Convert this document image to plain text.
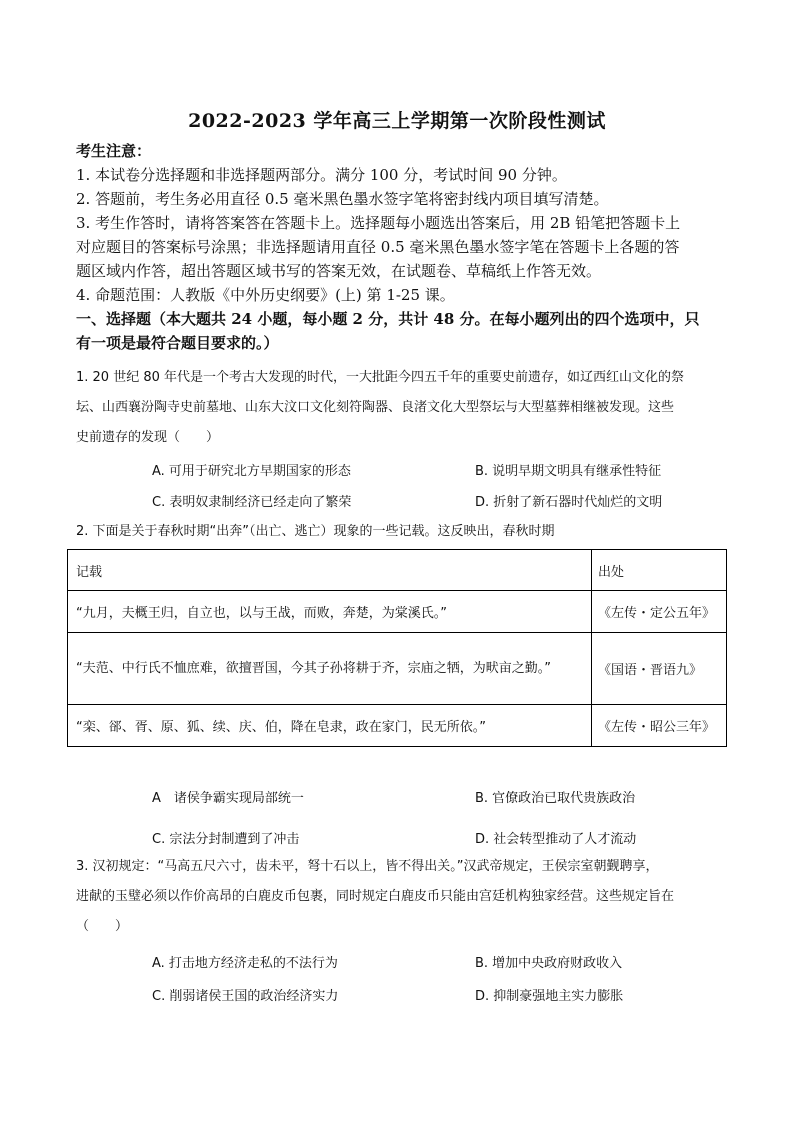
2022-2023 学年高三上学期第一次阶段性测试
考生注意：
1. 本试卷分选择题和非选择题两部分。满分 100 分，考试时间 90 分钟。
2. 答题前，考生务必用直径 0.5 毫米黑色墨水签字笔将密封线内项目填写清楚。
3. 考生作答时，请将答案答在答题卡上。选择题每小题选出答案后，用 2B 铅笔把答题卡上
对应题目的答案标号涂黑；非选择题请用直径 0.5 毫米黑色墨水签字笔在答题卡上各题的答
题区域内作答，超出答题区域书写的答案无效，在试题卷、草稿纸上作答无效。
4. 命题范围：人教版《中外历史纲要》(上) 第 1-25 课。
一、选择题（本大题共 24 小题，每小题 2 分，共计 48 分。在每小题列出的四个选项中，只
有一项是最符合题目要求的。）
1. 20 世纪 80 年代是一个考古大发现的时代，一大批距今四五千年的重要史前遗存，如辽西红山文化的祭
坛、山西襄汾陶寺史前墓地、山东大汶口文化刻符陶器、良渚文化大型祭坛与大型墓葬相继被发现。这些
史前遗存的发现（　　）
A. 可用于研究北方早期国家的形态	B. 说明早期文明具有继承性特征
C. 表明奴隶制经济已经走向了繁荣	D. 折射了新石器时代灿烂的文明
2. 下面是关于春秋时期“出奔”（出亡、逃亡）现象的一些记载。这反映出，春秋时期
记载	出处
“九月，夫概王归，自立也，以与王战，而败，奔楚，为棠溪氏。”	《左传・定公五年》
“夫范、中行氏不恤庶难，欲擅晋国，今其子孙将耕于齐，宗庙之牺，为畎亩之勤。”	《国语・晋语九》
“栾、郤、胥、原、狐、续、庆、伯，降在皂隶，政在家门，民无所依。”	《左传・昭公三年》
A　诸侯争霸实现局部统一	B. 官僚政治已取代贵族政治
C. 宗法分封制遭到了冲击	D. 社会转型推动了人才流动
3. 汉初规定：“马高五尺六寸，齿未平，弩十石以上，皆不得出关。”汉武帝规定，王侯宗室朝觐聘享，
进献的玉璧必须以作价高昂的白鹿皮币包裹，同时规定白鹿皮币只能由宫廷机构独家经营。这些规定旨在
（　　）
A. 打击地方经济走私的不法行为	B. 增加中央政府财政收入
C. 削弱诸侯王国的政治经济实力	D. 抑制豪强地主实力膨胀
